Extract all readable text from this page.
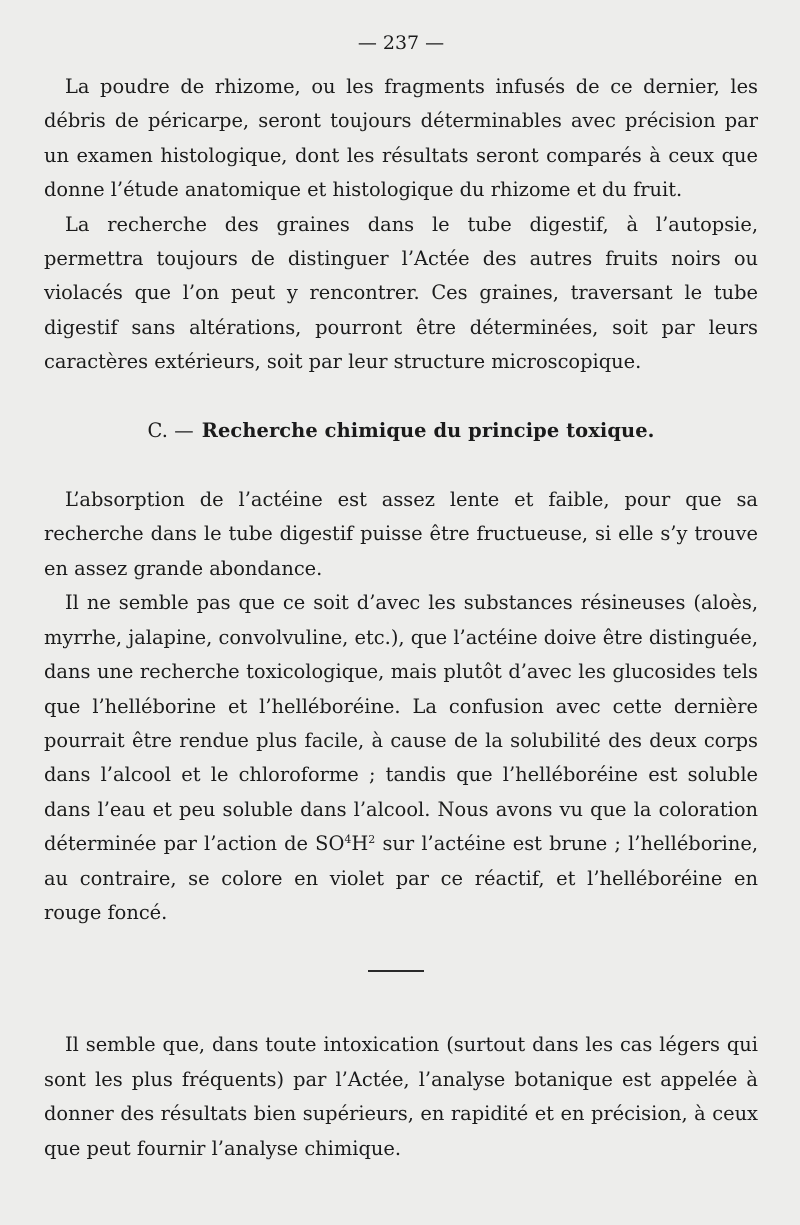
— 237 —

La poudre de rhizome, ou les fragments infusés de ce dernier, les débris de péricarpe, seront toujours déterminables avec précision par un examen histologique, dont les résultats seront comparés à ceux que donne l’étude anatomique et histologique du rhizome et du fruit.

La recherche des graines dans le tube digestif, à l’autopsie, permettra toujours de distinguer l’Actée des autres fruits noirs ou violacés que l’on peut y rencontrer. Ces graines, traversant le tube digestif sans altérations, pourront être déterminées, soit par leurs caractères extérieurs, soit par leur structure microscopique.

C. — Recherche chimique du principe toxique.

L’absorption de l’actéine est assez lente et faible, pour que sa recherche dans le tube digestif puisse être fructueuse, si elle s’y trouve en assez grande abondance.

Il ne semble pas que ce soit d’avec les substances résineuses (aloès, myrrhe, jalapine, convolvuline, etc.), que l’actéine doive être distinguée, dans une recherche toxicologique, mais plutôt d’avec les glucosides tels que l’helléborine et l’helléboréine. La confusion avec cette dernière pourrait être rendue plus facile, à cause de la solubilité des deux corps dans l’alcool et le chloroforme ; tandis que l’helléboréine est soluble dans l’eau et peu soluble dans l’alcool. Nous avons vu que la coloration déterminée par l’action de $SO^4H^2$ sur l’actéine est brune ; l’helléborine, au contraire, se colore en violet par ce réactif, et l’helléboréine en rouge foncé.

Il semble que, dans toute intoxication (surtout dans les cas légers qui sont les plus fréquents) par l’Actée, l’analyse botanique est appelée à donner des résultats bien supérieurs, en rapidité et en précision, à ceux que peut fournir l’analyse chimique.
